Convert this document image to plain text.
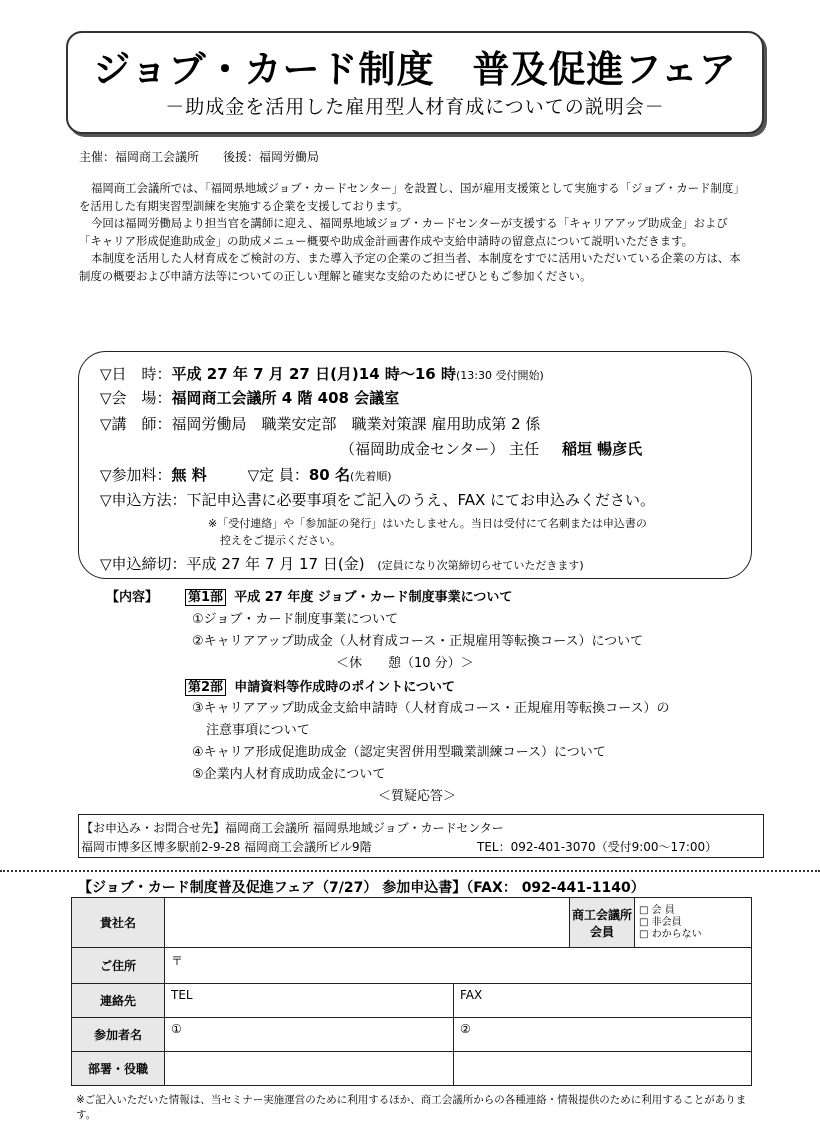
ジョブ・カード制度　普及促進フェア
－助成金を活用した雇用型人材育成についての説明会－
主催：福岡商工会議所　　後援：福岡労働局

福岡商工会議所では、「福岡県地域ジョブ・カードセンター」を設置し、国が雇用支援策として実施する「ジョブ・カード制度」を活用した有期実習型訓練を実施する企業を支援しております。

今回は福岡労働局より担当官を講師に迎え、福岡県地域ジョブ・カードセンターが支援する「キャリアアップ助成金」および「キャリア形成促進助成金」の助成メニュー概要や助成金計画書作成や支給申請時の留意点について説明いただきます。

本制度を活用した人材育成をご検討の方、また導入予定の企業のご担当者、本制度をすでに活用いただいている企業の方は、本制度の概要および申請方法等についての正しい理解と確実な支給のためにぜひともご参加ください。

▽日　時：平成 27 年 7 月 27 日(月)14 時～16 時(13:30 受付開始)
▽会　場：福岡商工会議所 4 階 408 会議室
▽講　師：福岡労働局　職業安定部　職業対策課 雇用助成第 2 係
（福岡助成金センター） 主任 稲垣 暢彦氏
▽参加料：無 料	▽定 員：80 名(先着順)
▽申込方法：下記申込書に必要事項をご記入のうえ、FAX にてお申込みください。
※「受付連絡」や「参加証の発行」はいたしません。当日は受付にて名刺または申込書の
控えをご提示ください。
▽申込締切：平成 27 年 7 月 17 日(金) (定員になり次第締切らせていただきます)
【内容】 第1部 平成 27 年度 ジョブ・カード制度事業について
①ジョブ・カード制度事業について
②キャリアアップ助成金（人材育成コース・正規雇用等転換コース）について
＜休　　憩（10 分）＞
第2部 申請資料等作成時のポイントについて
③キャリアアップ助成金支給申請時（人材育成コース・正規雇用等転換コース）の
注意事項について
④キャリア形成促進助成金（認定実習併用型職業訓練コース）について
⑤企業内人材育成助成金について
＜質疑応答＞
【お申込み・お問合せ先】福岡商工会議所 福岡県地域ジョブ・カードセンター
福岡市博多区博多駅前2-9-28 福岡商工会議所ビル9階	TEL：092-401-3070（受付9:00～17:00）
【ジョブ・カード制度普及促進フェア（7/27） 参加申込書】（FAX： 092-441-1140）
貴社名			商工会議所会員	□ 会 員
□ 非会員
□ わからない

ご住所	〒			
連絡先	TEL	FAX		
参加者名	①	②		
部署・役職				
※ご記入いただいた情報は、当セミナー実施運営のために利用するほか、商工会議所からの各種連絡・情報提供のために利用することがあります。
